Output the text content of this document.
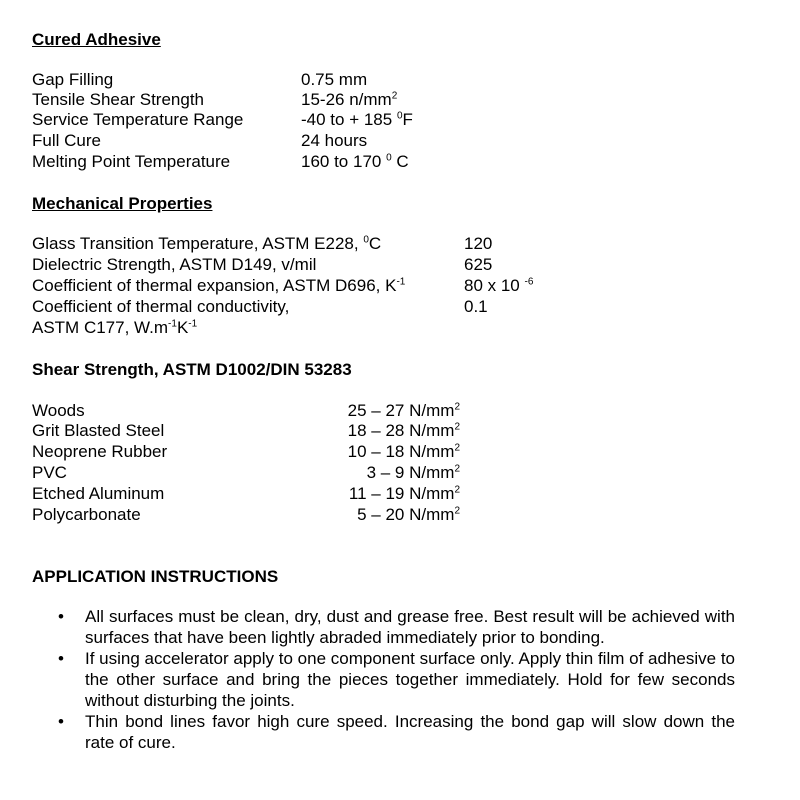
Cured Adhesive
Gap Filling	0.75 mm
Tensile Shear Strength	15-26 $n/mm^2$
Service Temperature Range	-40 to + 185 $^0$F
Full Cure	24 hours
Melting Point Temperature	160 to 170 $^0$ C
Mechanical Properties
Glass Transition Temperature, ASTM E228, $^0$C	120
Dielectric Strength, ASTM D149, v/mil	625
Coefficient of thermal expansion, ASTM D696, $K^{-1}$	80 x 10 $^{-6}$
Coefficient of thermal conductivity,	0.1
ASTM C177, $W.m^{-1}K^{-1}$
Shear Strength, ASTM D1002/DIN 53283
Woods	25 – 27 $N/mm^2$
Grit Blasted Steel	18 – 28 $N/mm^2$
Neoprene Rubber	10 – 18 $N/mm^2$
PVC	3 – 9 $N/mm^2$
Etched Aluminum	11 – 19 $N/mm^2$
Polycarbonate	5 – 20 $N/mm^2$
APPLICATION INSTRUCTIONS
• All surfaces must be clean, dry, dust and grease free. Best result will be achieved with surfaces that have been lightly abraded immediately prior to bonding.
• If using accelerator apply to one component surface only. Apply thin film of adhesive to the other surface and bring the pieces together immediately. Hold for few seconds without disturbing the joints.
• Thin bond lines favor high cure speed. Increasing the bond gap will slow down the rate of cure.
